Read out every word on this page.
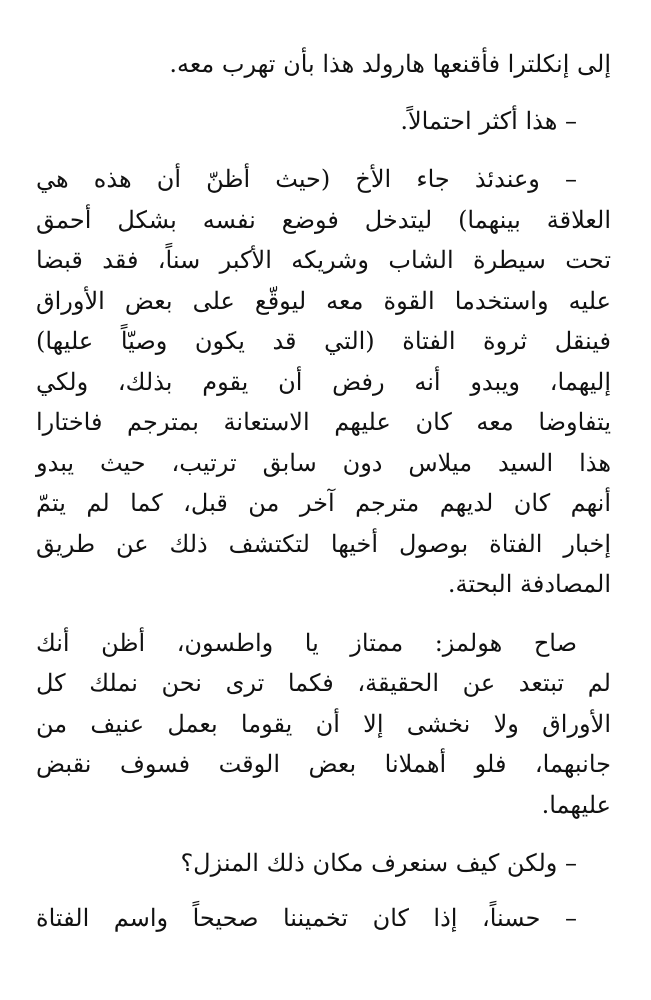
إلى إنكلترا فأقنعها هارولد هذا بأن تهرب معه.

– هذا أكثر احتمالاً.

– وعندئذ جاء الأخ (حيث أظنّ أن هذه هي
العلاقة بينهما) ليتدخل فوضع نفسه بشكل أحمق
تحت سيطرة الشاب وشريكه الأكبر سناً، فقد قبضا
عليه واستخدما القوة معه ليوقّع على بعض الأوراق
فينقل ثروة الفتاة (التي قد يكون وصيّاً عليها)
إليهما، ويبدو أنه رفض أن يقوم بذلك، ولكي
يتفاوضا معه كان عليهم الاستعانة بمترجم فاختارا
هذا السيد ميلاس دون سابق ترتيب، حيث يبدو
أنهم كان لديهم مترجم آخر من قبل، كما لم يتمّ
إخبار الفتاة بوصول أخيها لتكتشف ذلك عن طريق
المصادفة البحتة.

صاح هولمز: ممتاز يا واطسون، أظن أنك
لم تبتعد عن الحقيقة، فكما ترى نحن نملك كل
الأوراق ولا نخشى إلا أن يقوما بعمل عنيف من
جانبهما، فلو أهملانا بعض الوقت فسوف نقبض
عليهما.

– ولكن كيف سنعرف مكان ذلك المنزل؟

– حسناً، إذا كان تخميننا صحيحاً واسم الفتاة
